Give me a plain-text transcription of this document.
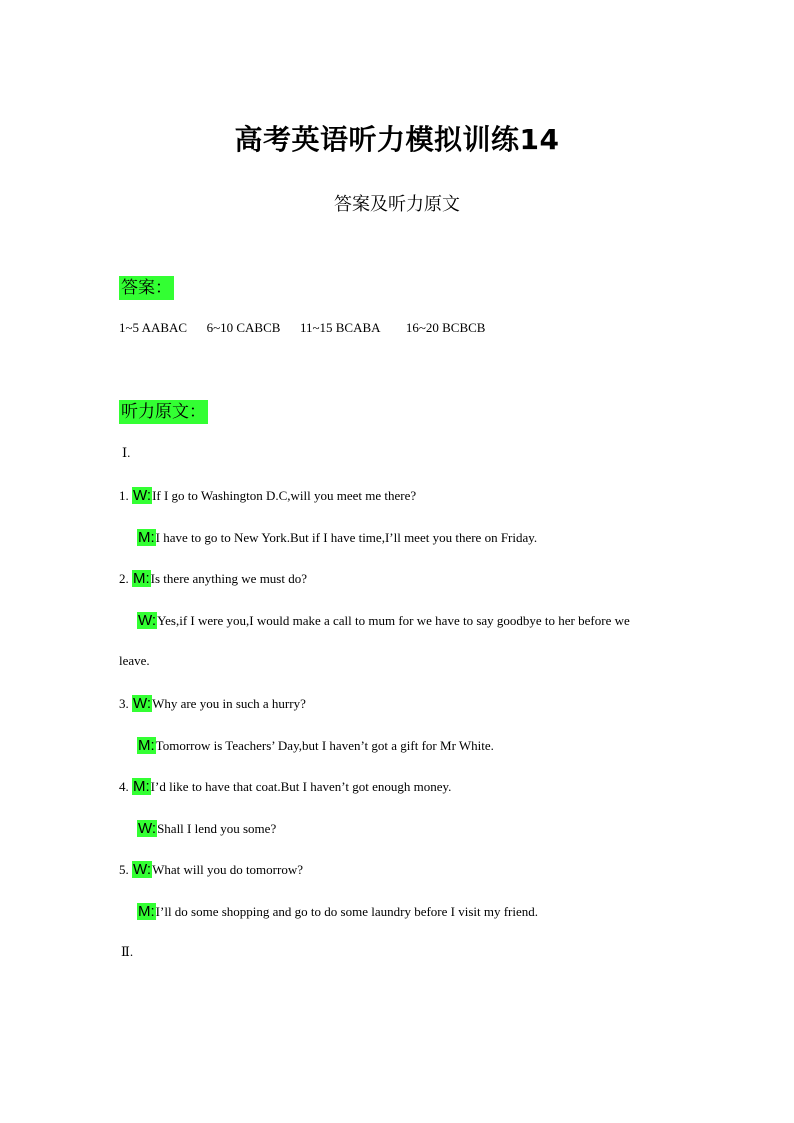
高考英语听力模拟训练14
答案及听力原文
答案：
1~5 AABAC 6~10 CABCB 11~15 BCABA 16~20 BCBCB
听力原文：
Ⅰ.
1. W:If I go to Washington D.C,will you meet me there?
M:I have to go to New York.But if I have time,I’ll meet you there on Friday.
2. M:Is there anything we must do?
W:Yes,if I were you,I would make a call to mum for we have to say goodbye to her before we
leave.
3. W:Why are you in such a hurry?
M:Tomorrow is Teachers’ Day,but I haven’t got a gift for Mr White.
4. M:I’d like to have that coat.But I haven’t got enough money.
W:Shall I lend you some?
5. W:What will you do tomorrow?
M:I’ll do some shopping and go to do some laundry before I visit my friend.
Ⅱ.
